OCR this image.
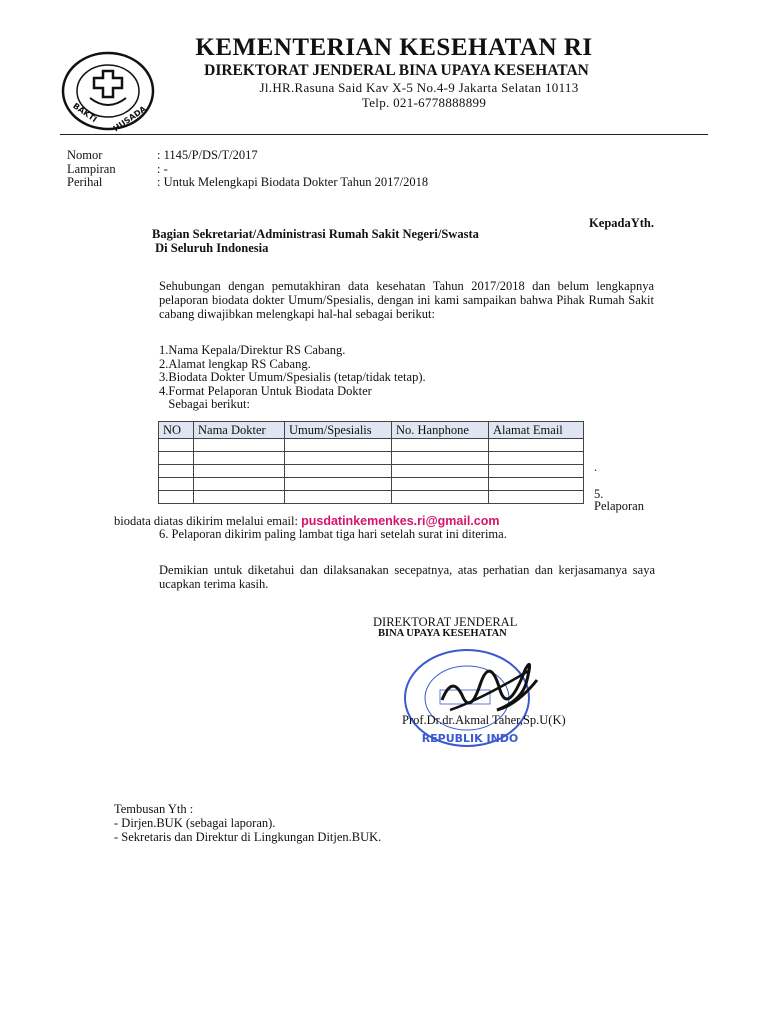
BAKTI HUSADA
KEMENTERIAN KESEHATAN RI
DIREKTORAT JENDERAL BINA UPAYA KESEHATAN
Jl.HR.Rasuna Said Kav X-5 No.4-9 Jakarta Selatan 10113
Telp. 021-6778888899
Nomor	: 1145/P/DS/T/2017
Lampiran	: -
Perihal	: Untuk Melengkapi Biodata Dokter Tahun 2017/2018
KepadaYth.
Bagian Sekretariat/Administrasi Rumah Sakit Negeri/Swasta
Di Seluruh Indonesia
Sehubungan dengan pemutakhiran data kesehatan Tahun 2017/2018 dan belum lengkapnya pelaporan biodata dokter Umum/Spesialis, dengan ini kami sampaikan bahwa Pihak Rumah Sakit cabang diwajibkan melengkapi hal-hal sebagai berikut:
1.Nama Kepala/Direktur RS Cabang.
2.Alamat lengkap RS Cabang.
3.Biodata Dokter Umum/Spesialis (tetap/tidak tetap).
4.Format Pelaporan Untuk Biodata Dokter
Sebagai berikut:
NO	Nama Dokter	Umum/Spesialis	No. Hanphone	Alamat Email

.
5.
Pelaporan
biodata diatas dikirim melalui email: pusdatinkemenkes.ri@gmail.com
6. Pelaporan dikirim paling lambat tiga hari setelah surat ini diterima.
Demikian untuk diketahui dan dilaksanakan secepatnya, atas perhatian dan kerjasamanya saya ucapkan terima kasih.
DIREKTORAT JENDERAL
BINA UPAYA KESEHATAN
REPUBLIK INDO
Prof.Dr.dr.Akmal Taher,Sp.U(K)
Tembusan Yth :
- Dirjen.BUK (sebagai laporan).
- Sekretaris dan Direktur di Lingkungan Ditjen.BUK.
